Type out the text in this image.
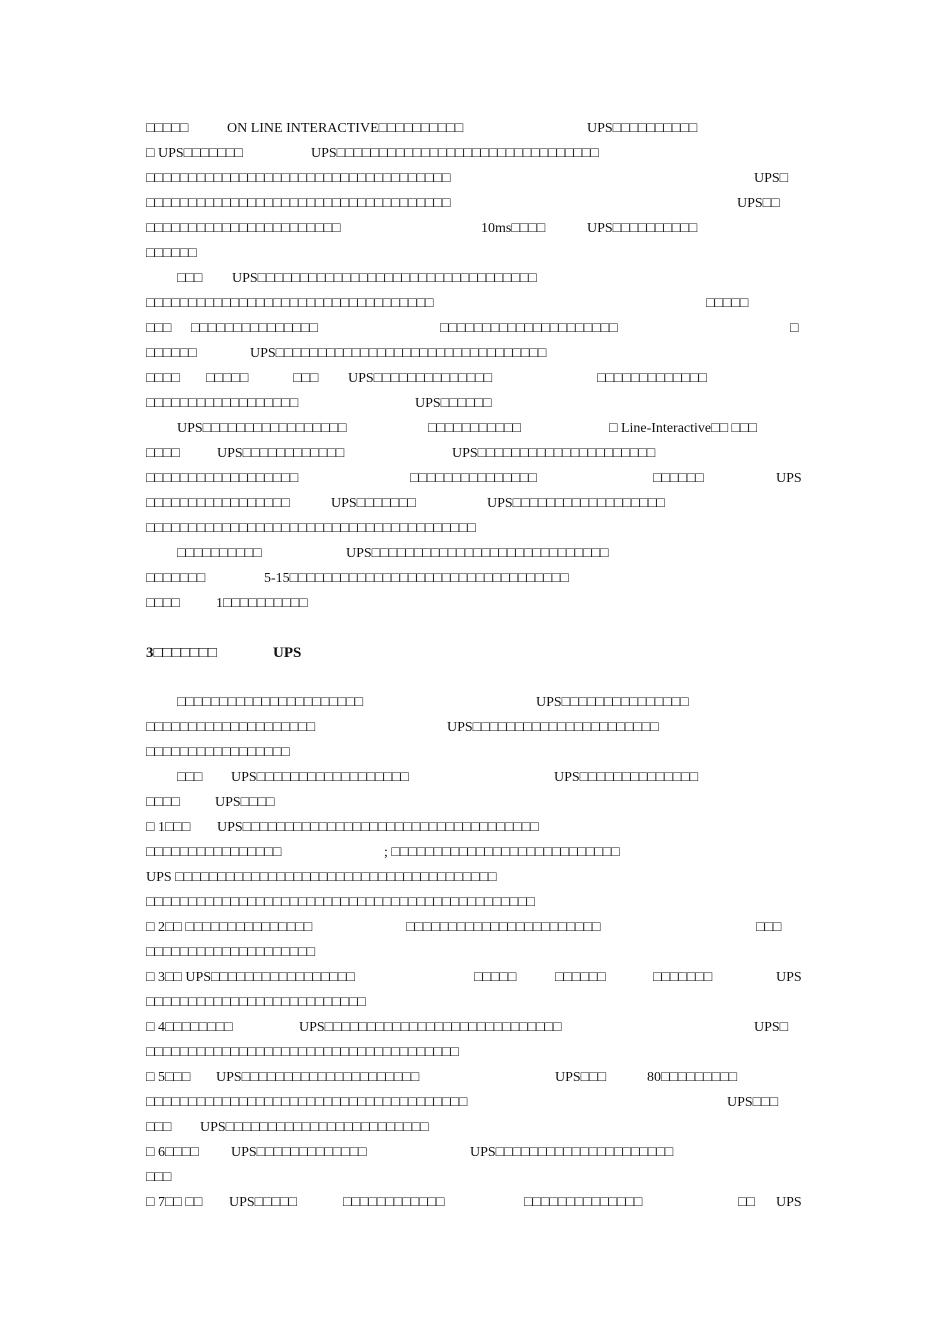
□□□□□

	ON LINE INTERACTIVE□□□□□□□□□□

	UPS□□□□□□□□□□

□ UPS□□□□□□□

	UPS□□□□□□□□□□□□□□□□□□□□□□□□□□□□□□□

□□□□□□□□□□□□□□□□□□□□□□□□□□□□□□□□□□□□

	UPS□

□□□□□□□□□□□□□□□□□□□□□□□□□□□□□□□□□□□□

	UPS□□

□□□□□□□□□□□□□□□□□□□□□□□

	10ms□□□□

	UPS□□□□□□□□□□

□□□□□□

□□□

UPS□□□□□□□□□□□□□□□□□□□□□□□□□□□□□□□□□

□□□□□□□□□□□□□□□□□□□□□□□□□□□□□□□□□□

	□□□□□

□□□

□□□□□□□□□□□□□□□

	□□□□□□□□□□□□□□□□□□□□□

	□

□□□□□□

	UPS□□□□□□□□□□□□□□□□□□□□□□□□□□□□□□□□

□□□□

□□□□□

	□□□

UPS□□□□□□□□□□□□□□

	□□□□□□□□□□□□□

□□□□□□□□□□□□□□□□□□

	UPS□□□□□□

UPS□□□□□□□□□□□□□□□□□

	□□□□□□□□□□□

	□ Line-Interactive□□ □□□

□□□□

	UPS□□□□□□□□□□□□

	UPS□□□□□□□□□□□□□□□□□□□□□

□□□□□□□□□□□□□□□□□□

	□□□□□□□□□□□□□□□

	□□□□□□

	UPS

□□□□□□□□□□□□□□□□□

	UPS□□□□□□□

	UPS□□□□□□□□□□□□□□□□□□

□□□□□□□□□□□□□□□□□□□□□□□□□□□□□□□□□□□□□□□

□□□□□□□□□□

	UPS□□□□□□□□□□□□□□□□□□□□□□□□□□□□

□□□□□□□

	5-15□□□□□□□□□□□□□□□□□□□□□□□□□□□□□□□□□

□□□□

	1□□□□□□□□□□

3□□□□□□□

	UPS

□□□□□□□□□□□□□□□□□□□□□□

	UPS□□□□□□□□□□□□□□□

□□□□□□□□□□□□□□□□□□□□

	UPS□□□□□□□□□□□□□□□□□□□□□□

□□□□□□□□□□□□□□□□□

□□□

UPS□□□□□□□□□□□□□□□□□□

	UPS□□□□□□□□□□□□□□

□□□□

	UPS□□□□

□ 1□□□

UPS□□□□□□□□□□□□□□□□□□□□□□□□□□□□□□□□□□□

□□□□□□□□□□□□□□□□

	; □□□□□□□□□□□□□□□□□□□□□□□□□□□

UPS □□□□□□□□□□□□□□□□□□□□□□□□□□□□□□□□□□□□□□

□□□□□□□□□□□□□□□□□□□□□□□□□□□□□□□□□□□□□□□□□□□□□□

□ 2□□ □□□□□□□□□□□□□□□

	□□□□□□□□□□□□□□□□□□□□□□□

	□□□

□□□□□□□□□□□□□□□□□□□□

□ 3□□ UPS□□□□□□□□□□□□□□□□□

	□□□□□

	□□□□□□

	□□□□□□□

	UPS

□□□□□□□□□□□□□□□□□□□□□□□□□□

□ 4□□□□□□□□

	UPS□□□□□□□□□□□□□□□□□□□□□□□□□□□□

	UPS□

□□□□□□□□□□□□□□□□□□□□□□□□□□□□□□□□□□□□□

□ 5□□□

UPS□□□□□□□□□□□□□□□□□□□□□

	UPS□□□

	80□□□□□□□□□

□□□□□□□□□□□□□□□□□□□□□□□□□□□□□□□□□□□□□□

	UPS□□□

□□□

UPS□□□□□□□□□□□□□□□□□□□□□□□□

□ 6□□□□

UPS□□□□□□□□□□□□□

	UPS□□□□□□□□□□□□□□□□□□□□□

□□□

□ 7□□ □□

UPS□□□□□

	□□□□□□□□□□□□

	□□□□□□□□□□□□□□

	□□

UPS
